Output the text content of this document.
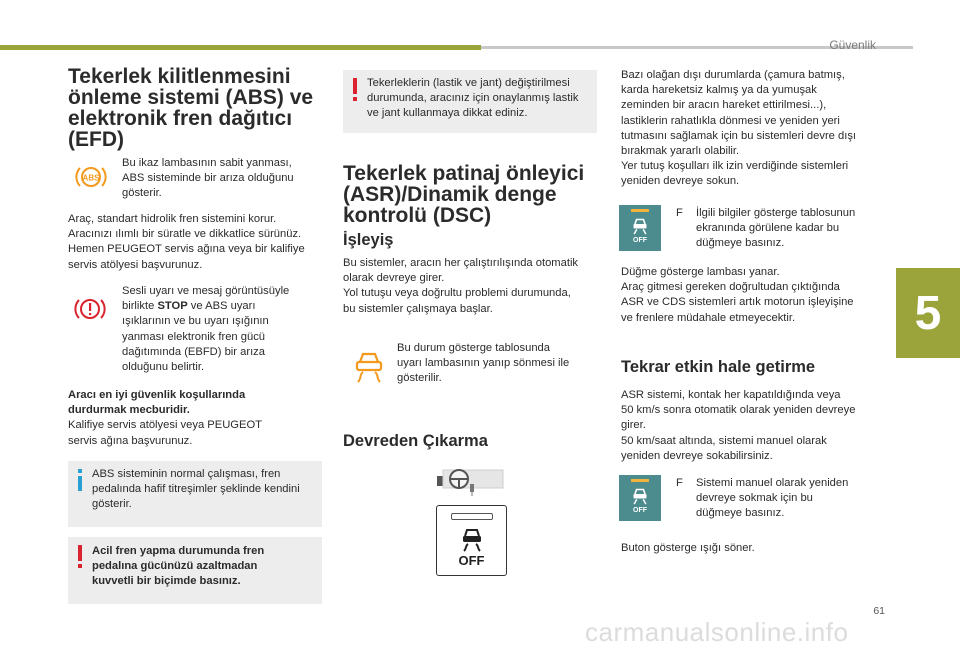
Güvenlik
5
Tekerlek kilitlenmesini
önleme sistemi (ABS) ve
elektronik fren dağıtıcı
(EFD)
ABS

Bu ikaz lambasının sabit yanması,
ABS sisteminde bir arıza olduğunu
gösterir.

Araç, standart hidrolik fren sistemini korur.
Aracınızı ılımlı bir süratle ve dikkatlice sürünüz.
Hemen PEUGEOT servis ağına veya bir kalifiye
servis atölyesi başvurunuz.

Sesli uyarı ve mesaj görüntüsüyle
birlikte STOP ve ABS uyarı
ışıklarının ve bu uyarı ışığının
yanması elektronik fren gücü
dağıtımında (EBFD) bir arıza
olduğunu belirtir.

Aracı en iyi güvenlik koşullarında
durdurmak mecburidir.
Kalifiye servis atölyesi veya PEUGEOT
servis ağına başvurunuz.

ABS sisteminin normal çalışması, fren
pedalında hafif titreşimler şeklinde kendini
gösterir.
Acil fren yapma durumunda fren
pedalına gücünüzü azaltmadan
kuvvetli bir biçimde basınız.
Tekerleklerin (lastik ve jant) değiştirilmesi
durumunda, aracınız için onaylanmış lastik
ve jant kullanmaya dikkat ediniz.
Tekerlek patinaj önleyici
(ASR)/Dinamik denge
kontrolü (DSC)
İşleyiş

Bu sistemler, aracın her çalıştırılışında otomatik
olarak devreye girer.
Yol tutuşu veya doğrultu problemi durumunda,
bu sistemler çalışmaya başlar.

Bu durum gösterge tablosunda
uyarı lambasının yanıp sönmesi ile
gösterilir.

Devreden Çıkarma
OFF

Bazı olağan dışı durumlarda (çamura batmış,
karda hareketsiz kalmış ya da yumuşak
zeminden bir aracın hareket ettirilmesi...),
lastiklerin rahatlıkla dönmesi ve yeniden yeri
tutmasını sağlamak için bu sistemleri devre dışı
bırakmak yararlı olabilir.
Yer tutuş koşulları ilk izin verdiğinde sistemleri
yeniden devreye sokun.

OFF

F İlgili bilgiler gösterge tablosunun
ekranında görülene kadar bu
düğmeye basınız.

Düğme gösterge lambası yanar.
Araç gitmesi gereken doğrultudan çıktığında
ASR ve CDS sistemleri artık motorun işleyişine
ve frenlere müdahale etmeyecektir.

Tekrar etkin hale getirme

ASR sistemi, kontak her kapatıldığında veya
50 km/s sonra otomatik olarak yeniden devreye
girer.
50 km/saat altında, sistemi manuel olarak
yeniden devreye sokabilirsiniz.

OFF

F Sistemi manuel olarak yeniden
devreye sokmak için bu
düğmeye basınız.

Buton gösterge ışığı söner.

61
carmanualsonline.info
